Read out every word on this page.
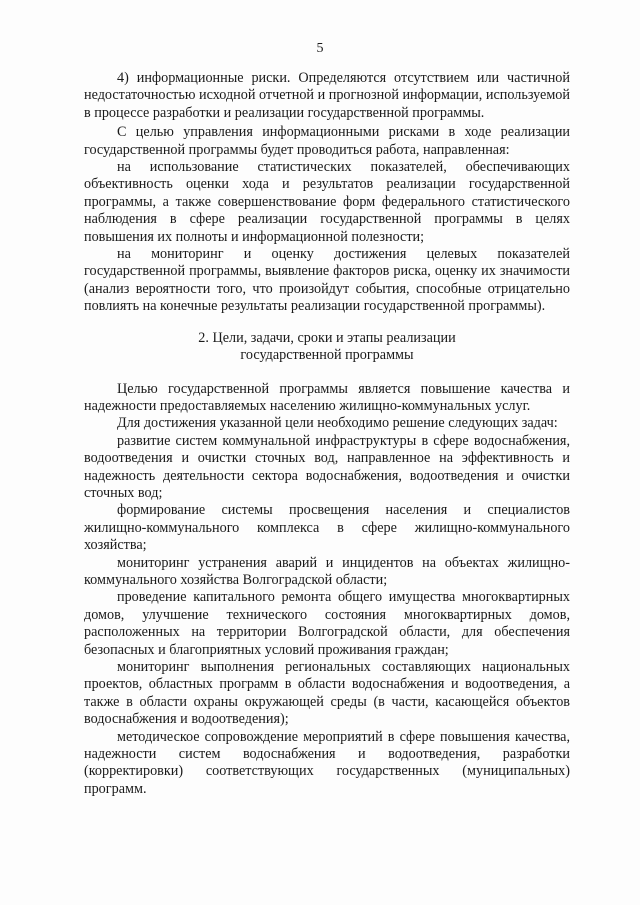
5

4) информационные риски. Определяются отсутствием или частичной недостаточностью исходной отчетной и прогнозной информации, используемой в процессе разработки и реализации государственной программы.

С целью управления информационными рисками в ходе реализации государственной программы будет проводиться работа, направленная:

на использование статистических показателей, обеспечивающих объективность оценки хода и результатов реализации государственной программы, а также совершенствование форм федерального статистического наблюдения в сфере реализации государственной программы в целях повышения их полноты и информационной полезности;

на мониторинг и оценку достижения целевых показателей государственной программы, выявление факторов риска, оценку их значимости (анализ вероятности того, что произойдут события, способные отрицательно повлиять на конечные результаты реализации государственной программы).

2. Цели, задачи, сроки и этапы реализации
государственной программы

Целью государственной программы является повышение качества и надежности предоставляемых населению жилищно-коммунальных услуг.

Для достижения указанной цели необходимо решение следующих задач:

развитие систем коммунальной инфраструктуры в сфере водоснабжения, водоотведения и очистки сточных вод, направленное на эффективность и надежность деятельности сектора водоснабжения, водоотведения и очистки сточных вод;

формирование системы просвещения населения и специалистов жилищно-коммунального комплекса в сфере жилищно-коммунального хозяйства;

мониторинг устранения аварий и инцидентов на объектах жилищно-коммунального хозяйства Волгоградской области;

проведение капитального ремонта общего имущества многоквартирных домов, улучшение технического состояния многоквартирных домов, расположенных на территории Волгоградской области, для обеспечения безопасных и благоприятных условий проживания граждан;

мониторинг выполнения региональных составляющих национальных проектов, областных программ в области водоснабжения и водоотведения, а также в области охраны окружающей среды (в части, касающейся объектов водоснабжения и водоотведения);

методическое сопровождение мероприятий в сфере повышения качества, надежности систем водоснабжения и водоотведения, разработки (корректировки) соответствующих государственных (муниципальных) программ.
